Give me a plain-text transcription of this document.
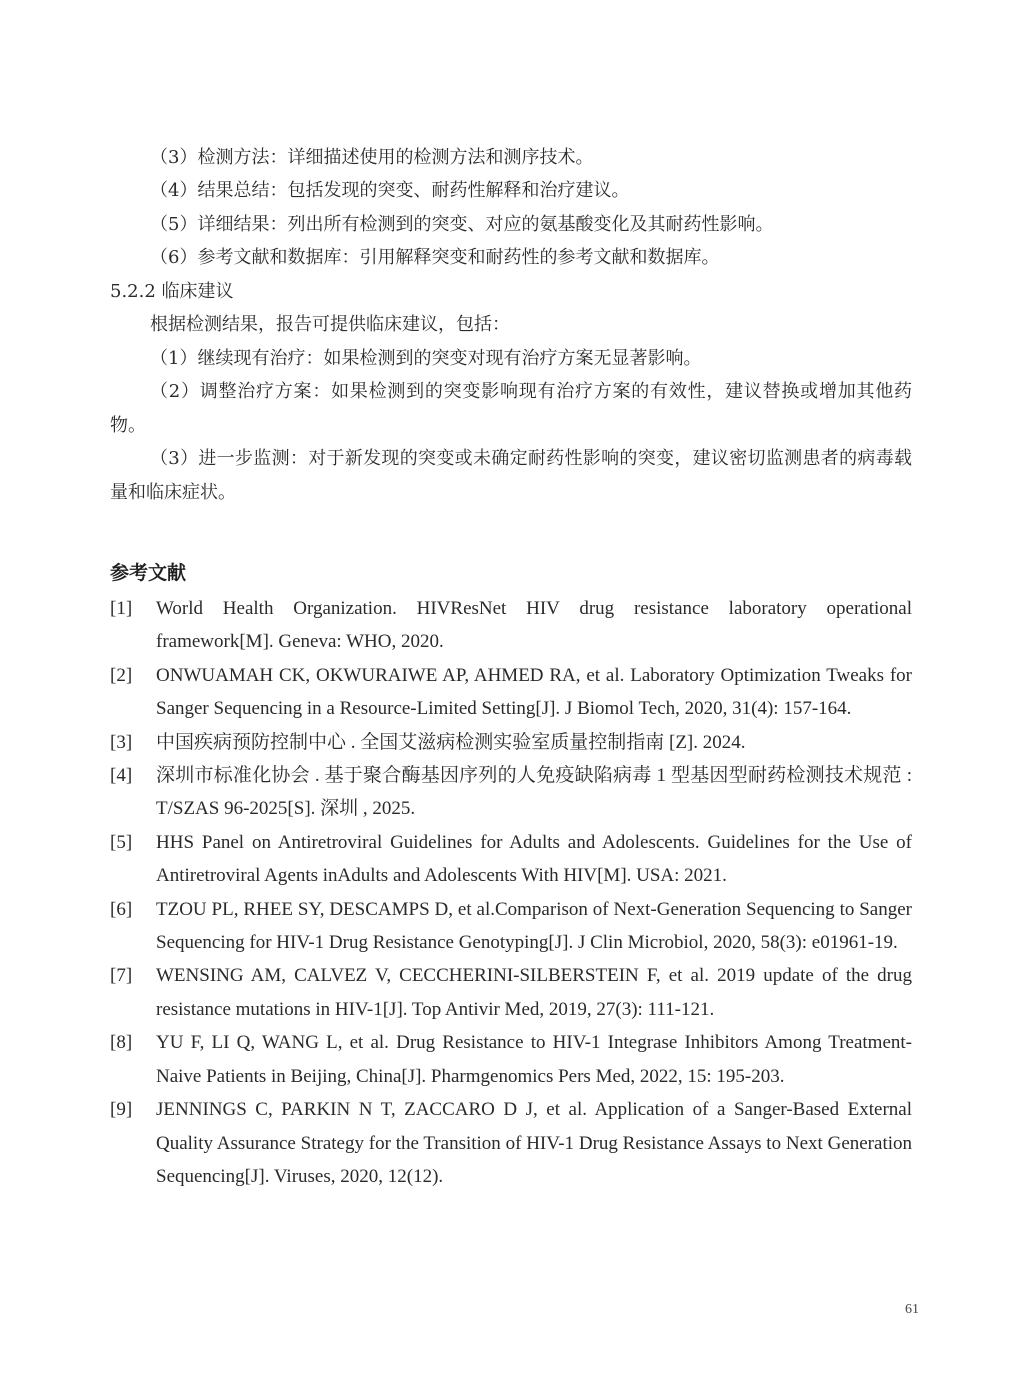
（3）检测方法：详细描述使用的检测方法和测序技术。
（4）结果总结：包括发现的突变、耐药性解释和治疗建议。
（5）详细结果：列出所有检测到的突变、对应的氨基酸变化及其耐药性影响。
（6）参考文献和数据库：引用解释突变和耐药性的参考文献和数据库。
5.2.2 临床建议
根据检测结果，报告可提供临床建议，包括：
（1）继续现有治疗：如果检测到的突变对现有治疗方案无显著影响。
（2）调整治疗方案：如果检测到的突变影响现有治疗方案的有效性，建议替换或增加其他药物。
（3）进一步监测：对于新发现的突变或未确定耐药性影响的突变，建议密切监测患者的病毒载量和临床症状。
参考文献
[1]	World Health Organization. HIVResNet HIV drug resistance laboratory operational framework[M]. Geneva: WHO, 2020.
[2]	ONWUAMAH CK, OKWURAIWE AP, AHMED RA, et al. Laboratory Optimization Tweaks for Sanger Sequencing in a Resource-Limited Setting[J]. J Biomol Tech, 2020, 31(4): 157-164.
[3]	中国疾病预防控制中心 . 全国艾滋病检测实验室质量控制指南 [Z]. 2024.
[4]	深圳市标准化协会 . 基于聚合酶基因序列的人免疫缺陷病毒 1 型基因型耐药检测技术规范 : T/SZAS 96-2025[S]. 深圳 , 2025.
[5]	HHS Panel on Antiretroviral Guidelines for Adults and Adolescents. Guidelines for the Use of Antiretroviral Agents inAdults and Adolescents With HIV[M]. USA: 2021.
[6]	TZOU PL, RHEE SY, DESCAMPS D, et al.Comparison of Next-Generation Sequencing to Sanger Sequencing for HIV-1 Drug Resistance Genotyping[J]. J Clin Microbiol, 2020, 58(3): e01961-19.
[7]	WENSING AM, CALVEZ V, CECCHERINI-SILBERSTEIN F, et al. 2019 update of the drug resistance mutations in HIV-1[J]. Top Antivir Med, 2019, 27(3): 111-121.
[8]	YU F, LI Q, WANG L, et al. Drug Resistance to HIV-1 Integrase Inhibitors Among Treatment-Naive Patients in Beijing, China[J]. Pharmgenomics Pers Med, 2022, 15: 195-203.
[9]	JENNINGS C, PARKIN N T, ZACCARO D J, et al. Application of a Sanger-Based External Quality Assurance Strategy for the Transition of HIV-1 Drug Resistance Assays to Next Generation Sequencing[J]. Viruses, 2020, 12(12).
61
